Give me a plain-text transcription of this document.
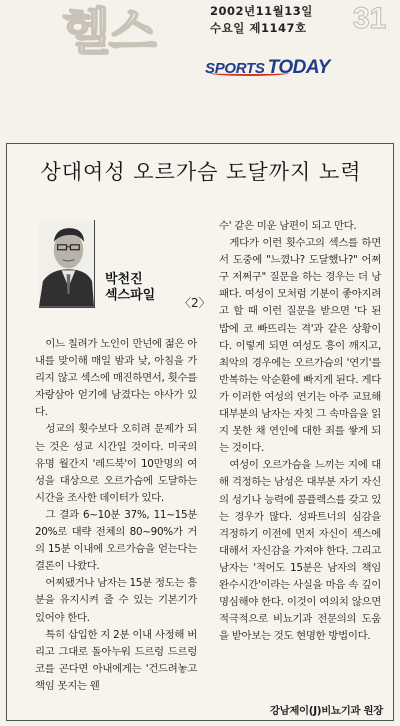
헬스	2002년11월13일
수요일 제1147호 31
SPORTS TODAY
상대여성 오르가슴 도달까지 노력
박천진
섹스파일 〈2〉

이느 칠려가 노인이 만넌에 젊은 아내를 맞이해 매일 밤과 낮, 아침을 가리지 않고 섹스에 매진하면서, 횟수를 자랑삼아 얻기에 남겼다는 야사가 있다.

성교의 횟수보다 오히려 문제가 되는 것은 성교 시간일 것이다. 미국의 유명 월간지 '레드북'이 10만명의 여성을 대상으로 오르가슴에 도달하는 시간을 조사한 데이터가 있다.

그 결과 6~10분 37%, 11~15분 20%로 대략 전체의 80~90%가 거의 15분 이내에 오르가슴을 얻는다는 결론이 나왔다.

어찌됐거나 남자는 15분 정도는 흥분을 유지시켜 줄 수 있는 기본기가 있어야 한다.

특히 삽입한 지 2분 이내 사정해 버리고 그대로 돌아누워 드르렁 드르렁 코를 곤다면 아내에게는 '건드려놓고 책임 못지는 웬

수' 같은 미운 남편이 되고 만다.

게다가 이런 횟수고의 섹스를 하면서 도중에 "느꼈나? 도달했나?" 어쩌구 저쩌구" 질문을 하는 경우는 더 낭패다. 여성이 모처럼 기분이 좋아지려고 할 때 이런 질문을 받으면 '다 된 밥에 코 빠뜨리는 격'과 같은 상황이다. 이렇게 되면 여성도 흥이 깨지고,최악의 경우에는 오르가슴의 '연기'를 반복하는 악순환에 빠지게 된다. 게다가 이러한 여성의 연기는 아주 교묘해 대부분의 남자는 자칫 그 속마음을 읽지 못한 채 연인에 대한 죄를 쌓게 되는 것이다.

여성이 오르가슴을 느끼는 지에 대해 걱정하는 남성은 대부분 자기 자신의 성기나 능력에 콤플렉스를 갖고 있는 경우가 많다. 성파트너의 심감을 걱정하기 이전에 먼저 자신이 섹스에 대해서 자신감을 가져야 한다. 그리고 남자는 '적어도 15분은 남자의 책임완수시간'이라는 사실을 마음 속 깊이 명심해야 한다. 이것이 여의치 않으면 적극적으로 비뇨기과 전문의의 도움을 받아보는 것도 현명한 방법이다.

강남제이(J)비뇨기과 원장
